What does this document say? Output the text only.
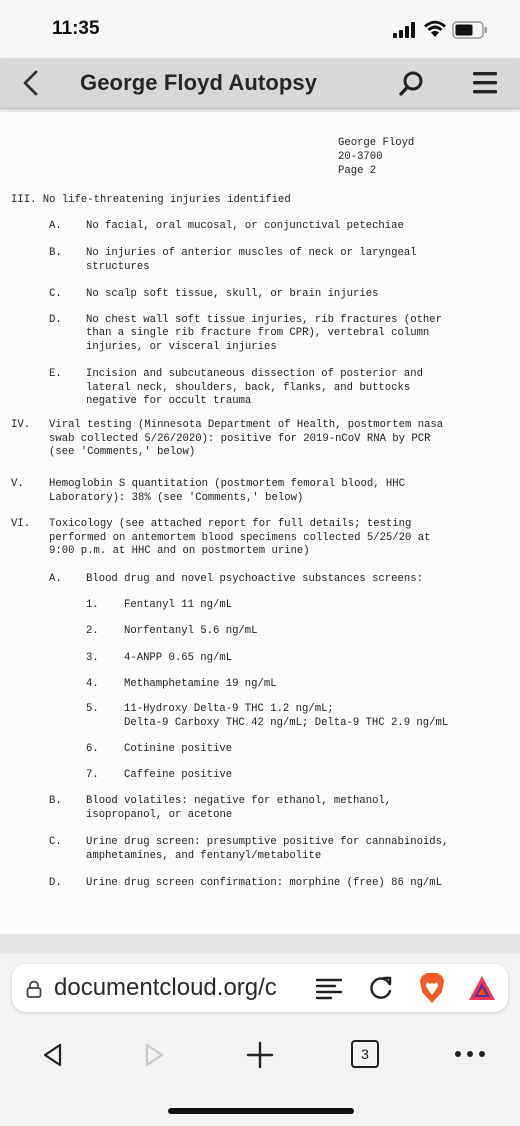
11:35
George Floyd Autopsy
George Floyd
20-3700
Page 2
III. No life-threatening injuries identified
A. No facial, oral mucosal, or conjunctival petechiae
B. No injuries of anterior muscles of neck or laryngeal
structures
C. No scalp soft tissue, skull, or brain injuries
D. No chest wall soft tissue injuries, rib fractures (other
than a single rib fracture from CPR), vertebral column
injuries, or visceral injuries
E. Incision and subcutaneous dissection of posterior and
lateral neck, shoulders, back, flanks, and buttocks
negative for occult trauma
IV. Viral testing (Minnesota Department of Health, postmortem nasa
swab collected 5/26/2020): positive for 2019-nCoV RNA by PCR
(see 'Comments,' below)
V. Hemoglobin S quantitation (postmortem femoral blood, HHC
Laboratory): 38% (see 'Comments,' below)
VI. Toxicology (see attached report for full details; testing
performed on antemortem blood specimens collected 5/25/20 at
9:00 p.m. at HHC and on postmortem urine)
A. Blood drug and novel psychoactive substances screens:
1. Fentanyl 11 ng/mL
2. Norfentanyl 5.6 ng/mL
3. 4-ANPP 0.65 ng/mL
4. Methamphetamine 19 ng/mL
5. 11-Hydroxy Delta-9 THC 1.2 ng/mL;
Delta-9 Carboxy THC 42 ng/mL; Delta-9 THC 2.9 ng/mL
6. Cotinine positive
7. Caffeine positive
B. Blood volatiles: negative for ethanol, methanol,
isopropanol, or acetone
C. Urine drug screen: presumptive positive for cannabinoids,
amphetamines, and fentanyl/metabolite
D. Urine drug screen confirmation: morphine (free) 86 ng/mL
documentcloud.org/c
3
